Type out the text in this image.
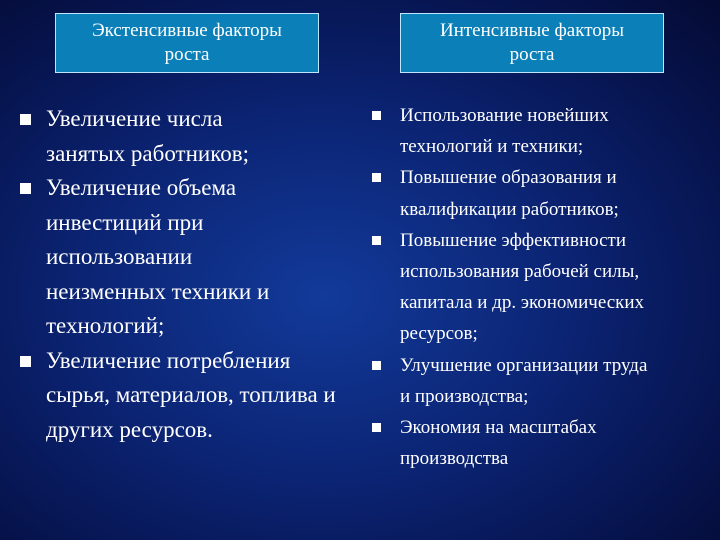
Экстенсивные факторы
роста
Интенсивные факторы
роста
Увеличение числа занятых работников;
Увеличение объема инвестиций при использовании неизменных техники и технологий;
Увеличение потребления сырья, материалов, топлива и других ресурсов.
Использование новейших технологий и техники;
Повышение образования и квалификации работников;
Повышение эффективности использования рабочей силы, капитала и др. экономических ресурсов;
Улучшение организации труда и производства;
Экономия на масштабах производства
